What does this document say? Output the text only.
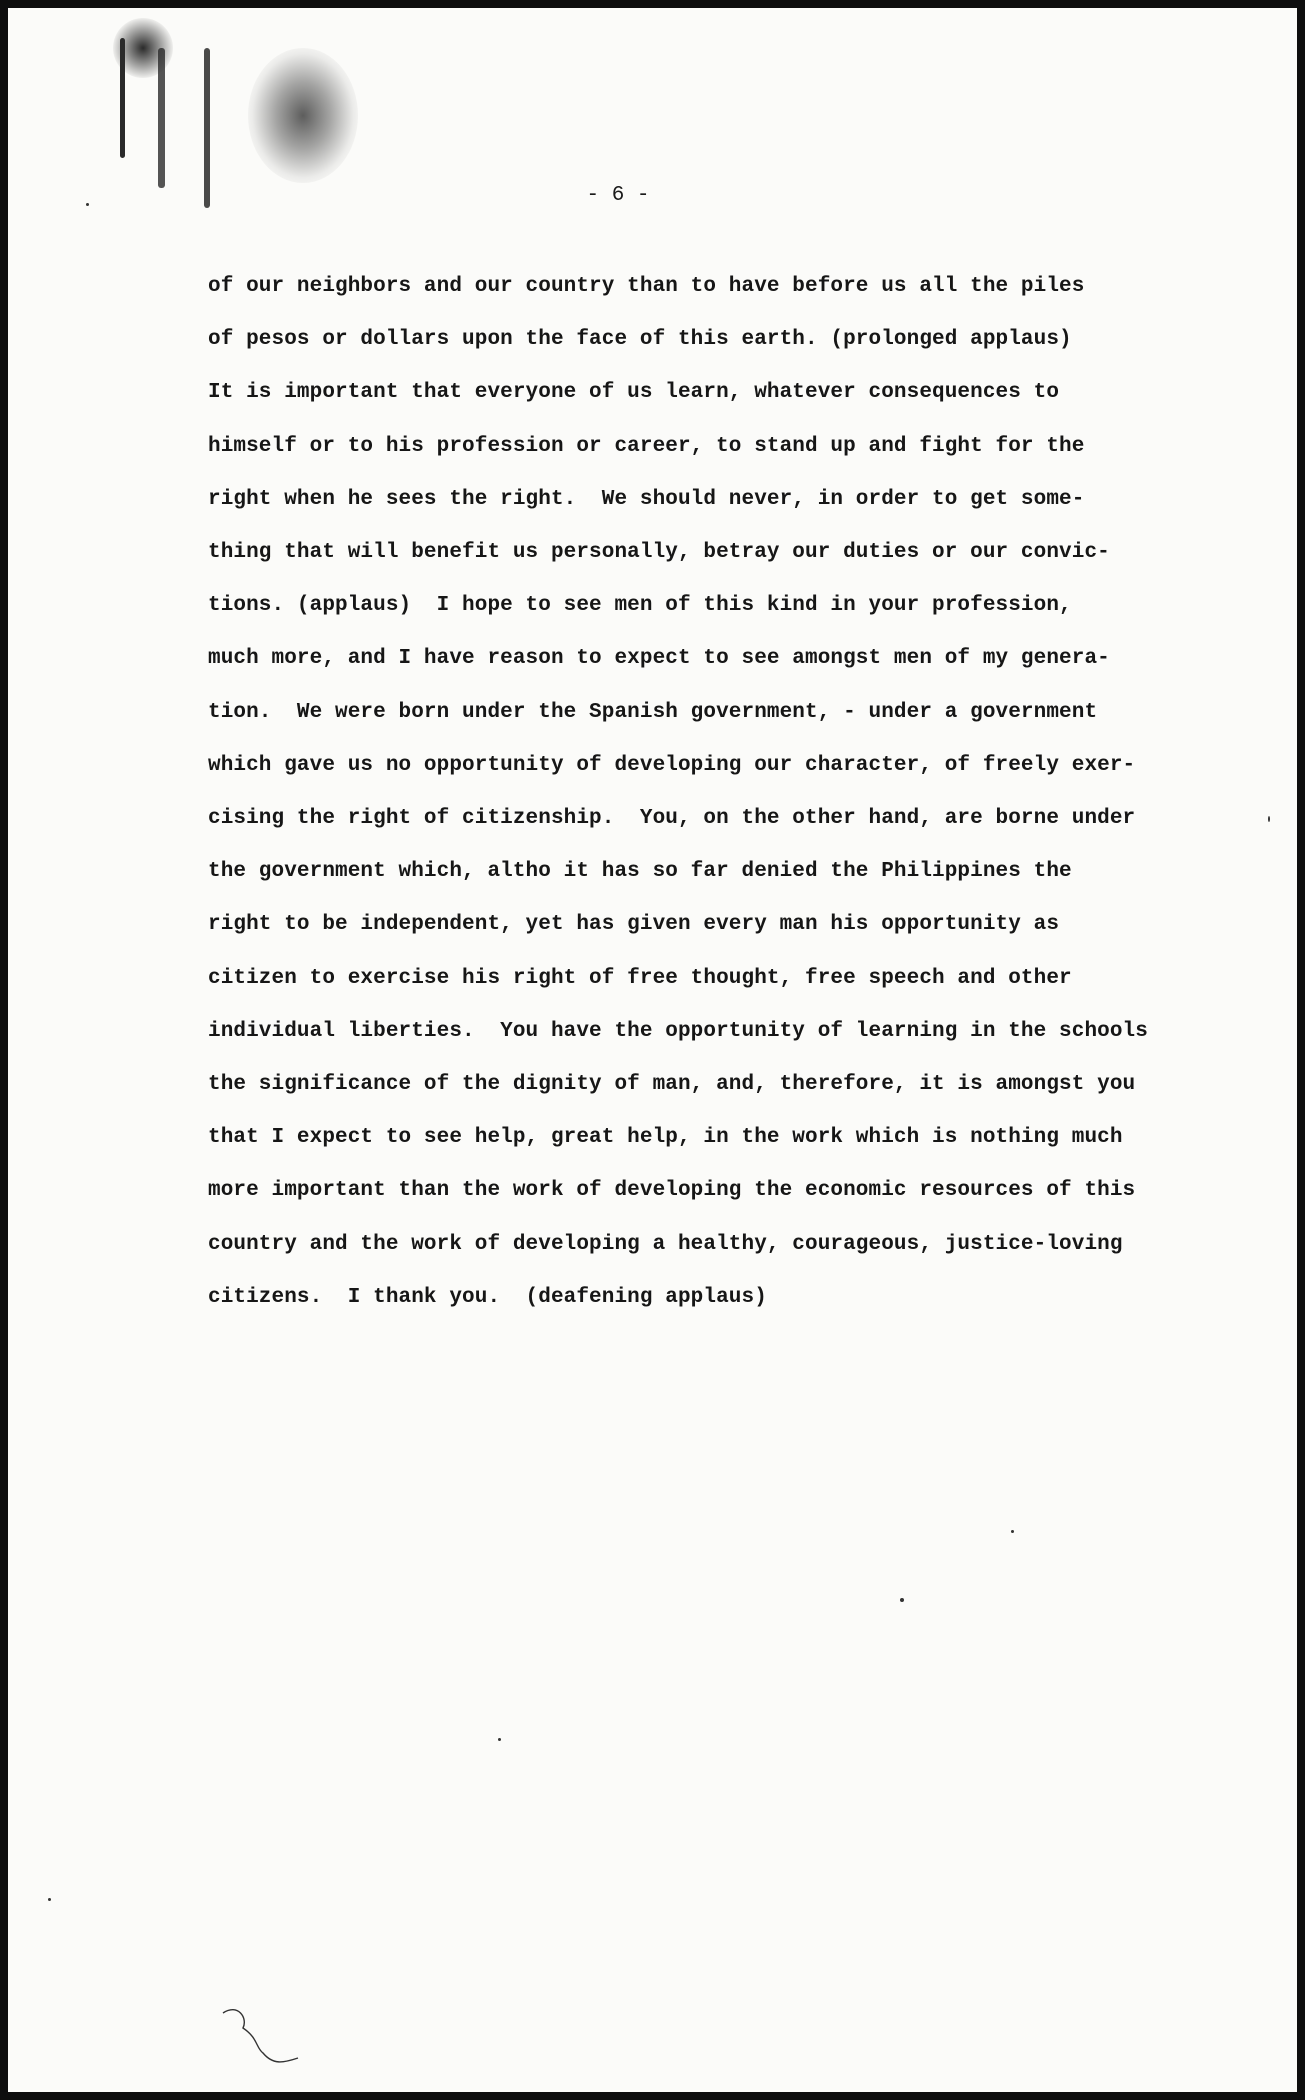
- 6 -
of our neighbors and our country than to have before us all the piles
of pesos or dollars upon the face of this earth. (prolonged applaus)
It is important that everyone of us learn, whatever consequences to
himself or to his profession or career, to stand up and fight for the
right when he sees the right.  We should never, in order to get some-
thing that will benefit us personally, betray our duties or our convic-
tions. (applaus)  I hope to see men of this kind in your profession,
much more, and I have reason to expect to see amongst men of my genera-
tion.  We were born under the Spanish government, - under a government
which gave us no opportunity of developing our character, of freely exer-
cising the right of citizenship.  You, on the other hand, are borne under
the government which, altho it has so far denied the Philippines the
right to be independent, yet has given every man his opportunity as
citizen to exercise his right of free thought, free speech and other
individual liberties.  You have the opportunity of learning in the schools
the significance of the dignity of man, and, therefore, it is amongst you
that I expect to see help, great help, in the work which is nothing much
more important than the work of developing the economic resources of this
country and the work of developing a healthy, courageous, justice-loving
citizens.  I thank you.  (deafening applaus)
